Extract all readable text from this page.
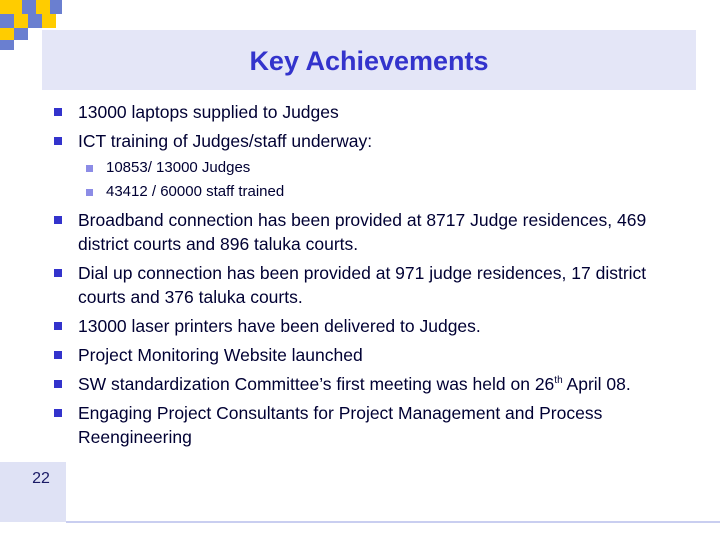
Key Achievements
13000 laptops supplied to Judges
ICT training of Judges/staff underway:
10853/ 13000 Judges
43412 / 60000 staff trained
Broadband connection has been provided at 8717 Judge residences, 469 district courts and 896 taluka courts.
Dial up connection has been provided at 971 judge residences, 17 district courts and 376 taluka courts.
13000 laser printers have been delivered to Judges.
Project Monitoring Website launched
SW standardization Committee’s first meeting was held on 26th April 08.
Engaging Project Consultants for Project Management and Process Reengineering
22
